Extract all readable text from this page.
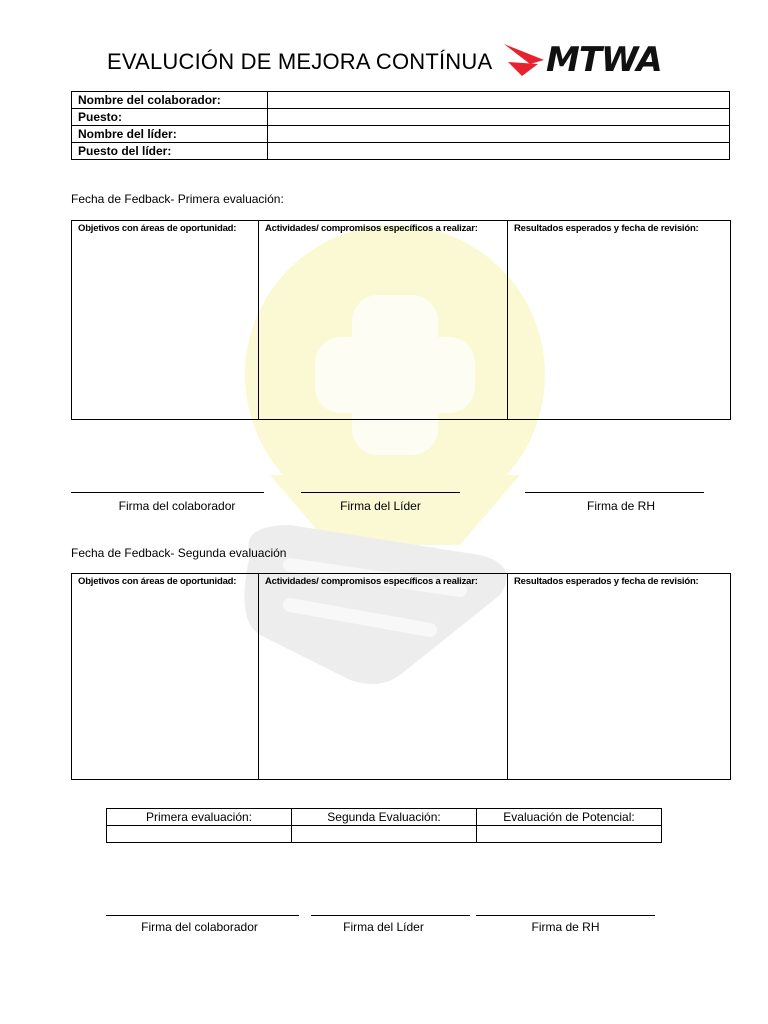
EVALUCIÓN DE MEJORA CONTÍNUA MTWA
Nombre del colaborador:	
Puesto:	
Nombre del líder:	
Puesto del líder:	
Fecha de Fedback- Primera evaluación:
Objetivos con áreas de oportunidad:	Actividades/ compromisos específicos a realizar:	Resultados esperados y fecha de revisión:
Firma del colaborador	Firma del Líder	Firma de RH
Fecha de Fedback- Segunda evaluación
Objetivos con áreas de oportunidad:	Actividades/ compromisos específicos a realizar:	Resultados esperados y fecha de revisión:
Primera evaluación:	Segunda Evaluación:	Evaluación de Potencial:

Firma del colaborador	Firma del Líder	Firma de RH
